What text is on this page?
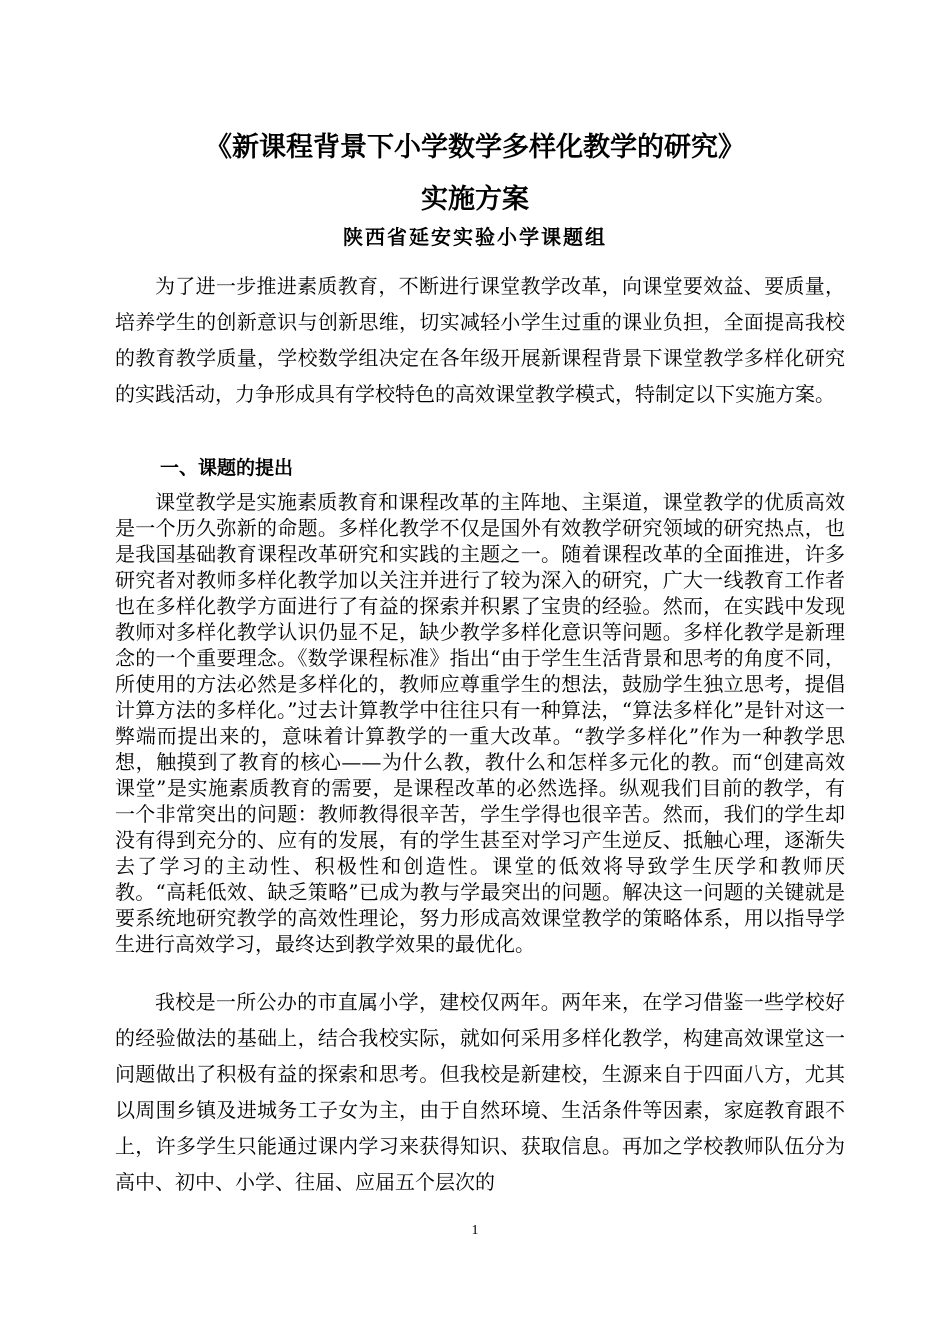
《新课程背景下小学数学多样化教学的研究》
实施方案

陕西省延安实验小学课题组

为了进一步推进素质教育，不断进行课堂教学改革，向课堂要效益、要质量，培养学生的创新意识与创新思维，切实减轻小学生过重的课业负担，全面提高我校的教育教学质量，学校数学组决定在各年级开展新课程背景下课堂教学多样化研究的实践活动，力争形成具有学校特色的高效课堂教学模式，特制定以下实施方案。

一、课题的提出

课堂教学是实施素质教育和课程改革的主阵地、主渠道，课堂教学的优质高效是一个历久弥新的命题。多样化教学不仅是国外有效教学研究领域的研究热点，也是我国基础教育课程改革研究和实践的主题之一。随着课程改革的全面推进，许多研究者对教师多样化教学加以关注并进行了较为深入的研究，广大一线教育工作者也在多样化教学方面进行了有益的探索并积累了宝贵的经验。然而，在实践中发现教师对多样化教学认识仍显不足，缺少教学多样化意识等问题。多样化教学是新理念的一个重要理念。《数学课程标准》指出“由于学生生活背景和思考的角度不同，所使用的方法必然是多样化的，教师应尊重学生的想法，鼓励学生独立思考，提倡计算方法的多样化。”过去计算教学中往往只有一种算法，“算法多样化”是针对这一弊端而提出来的，意味着计算教学的一重大改革。“教学多样化”作为一种教学思想，触摸到了教育的核心——为什么教，教什么和怎样多元化的教。而“创建高效课堂”是实施素质教育的需要，是课程改革的必然选择。纵观我们目前的教学，有一个非常突出的问题：教师教得很辛苦，学生学得也很辛苦。然而，我们的学生却没有得到充分的、应有的发展，有的学生甚至对学习产生逆反、抵触心理，逐渐失去了学习的主动性、积极性和创造性。课堂的低效将导致学生厌学和教师厌教。“高耗低效、缺乏策略”已成为教与学最突出的问题。解决这一问题的关键就是要系统地研究教学的高效性理论，努力形成高效课堂教学的策略体系，用以指导学生进行高效学习，最终达到教学效果的最优化。

我校是一所公办的市直属小学，建校仅两年。两年来，在学习借鉴一些学校好的经验做法的基础上，结合我校实际，就如何采用多样化教学，构建高效课堂这一问题做出了积极有益的探索和思考。但我校是新建校，生源来自于四面八方，尤其以周围乡镇及进城务工子女为主，由于自然环境、生活条件等因素，家庭教育跟不上，许多学生只能通过课内学习来获得知识、获取信息。再加之学校教师队伍分为高中、初中、小学、往届、应届五个层次的

1
